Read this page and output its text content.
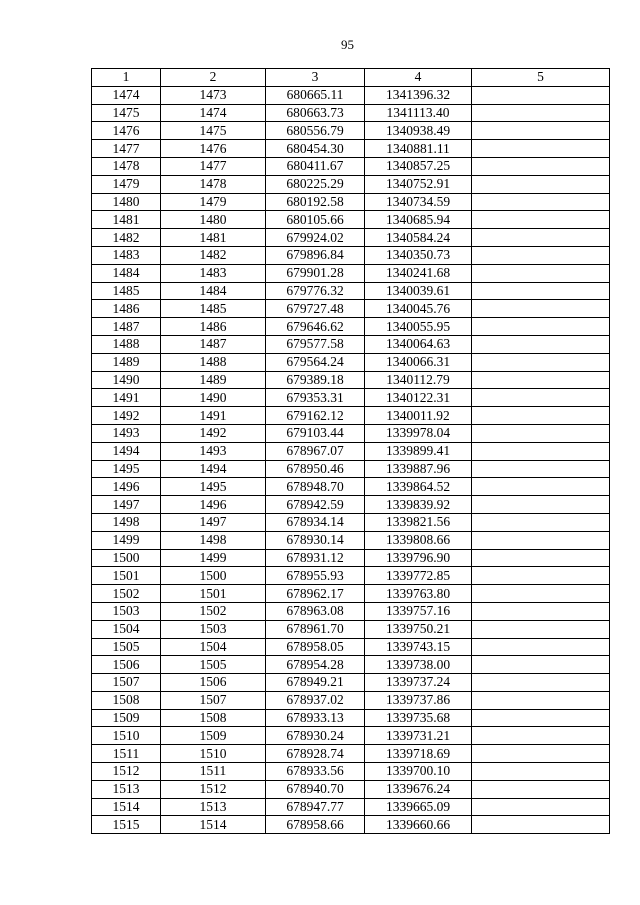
95
1	2	3	4	5
1474	1473	680665.11	1341396.32	
1475	1474	680663.73	1341113.40	
1476	1475	680556.79	1340938.49	
1477	1476	680454.30	1340881.11	
1478	1477	680411.67	1340857.25	
1479	1478	680225.29	1340752.91	
1480	1479	680192.58	1340734.59	
1481	1480	680105.66	1340685.94	
1482	1481	679924.02	1340584.24	
1483	1482	679896.84	1340350.73	
1484	1483	679901.28	1340241.68	
1485	1484	679776.32	1340039.61	
1486	1485	679727.48	1340045.76	
1487	1486	679646.62	1340055.95	
1488	1487	679577.58	1340064.63	
1489	1488	679564.24	1340066.31	
1490	1489	679389.18	1340112.79	
1491	1490	679353.31	1340122.31	
1492	1491	679162.12	1340011.92	
1493	1492	679103.44	1339978.04	
1494	1493	678967.07	1339899.41	
1495	1494	678950.46	1339887.96	
1496	1495	678948.70	1339864.52	
1497	1496	678942.59	1339839.92	
1498	1497	678934.14	1339821.56	
1499	1498	678930.14	1339808.66	
1500	1499	678931.12	1339796.90	
1501	1500	678955.93	1339772.85	
1502	1501	678962.17	1339763.80	
1503	1502	678963.08	1339757.16	
1504	1503	678961.70	1339750.21	
1505	1504	678958.05	1339743.15	
1506	1505	678954.28	1339738.00	
1507	1506	678949.21	1339737.24	
1508	1507	678937.02	1339737.86	
1509	1508	678933.13	1339735.68	
1510	1509	678930.24	1339731.21	
1511	1510	678928.74	1339718.69	
1512	1511	678933.56	1339700.10	
1513	1512	678940.70	1339676.24	
1514	1513	678947.77	1339665.09	
1515	1514	678958.66	1339660.66	
